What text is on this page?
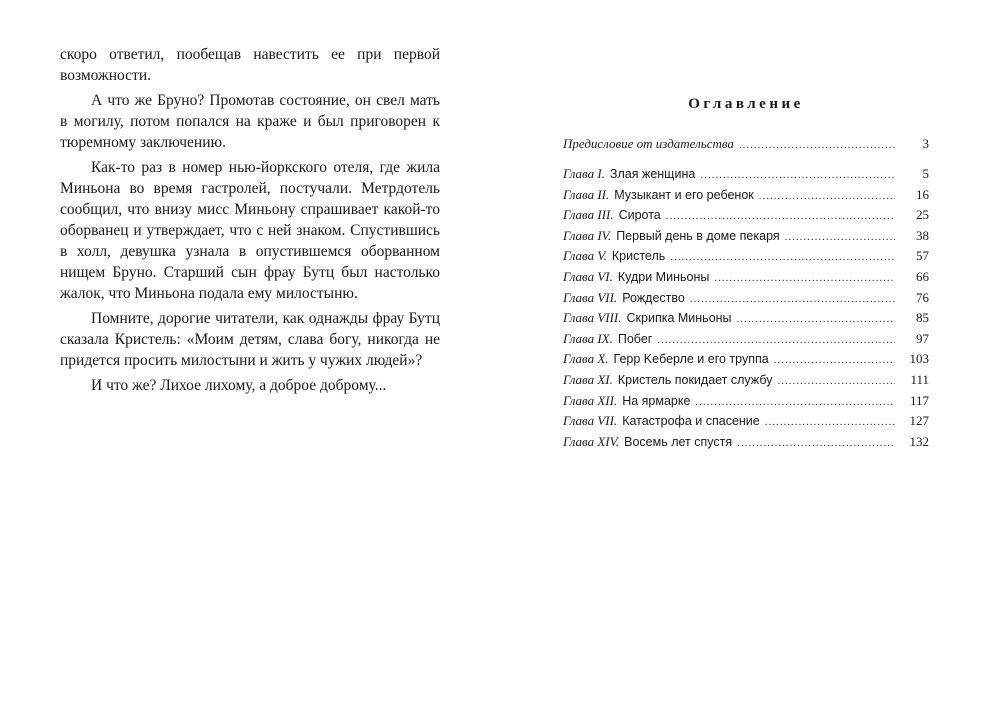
скоро ответил, пообещав навестить ее при первой возможности.

А что же Бруно? Промотав состояние, он свел мать в могилу, потом попался на краже и был приговорен к тюремному заключению.

Как-то раз в номер нью-йоркского отеля, где жила Миньона во время гастролей, постучали. Метрдотель сообщил, что внизу мисс Миньону спрашивает какой-то оборванец и утверждает, что с ней знаком. Спустившись в холл, девушка узнала в опустившемся оборванном нищем Бруно. Старший сын фрау Бутц был настолько жалок, что Миньона подала ему милостыню.

Помните, дорогие читатели, как однажды фрау Бутц сказала Кристель: «Моим детям, слава богу, никогда не придется просить милостыни и жить у чужих людей»?

И что же? Лихое лихому, а доброе доброму...

Оглавление
Предисловие от издательства .....	3
Глава I. Злая женщина .....	5
Глава II. Музыкант и его ребенок .....	16
Глава III. Сирота .....	25
Глава IV. Первый день в доме пекаря .....	38
Глава V. Кристель .....	57
Глава VI. Кудри Миньоны .....	66
Глава VII. Рождество .....	76
Глава VIII. Скрипка Миньоны .....	85
Глава IX. Побег .....	97
Глава X. Герр Keберле и его труппа .....	103
Глава XI. Кристель покидает службу .....	111
Глава XII. На ярмарке .....	117
Глава VII. Катастрофа и спасение .....	127
Глава XIV. Восемь лет спустя .....	132
